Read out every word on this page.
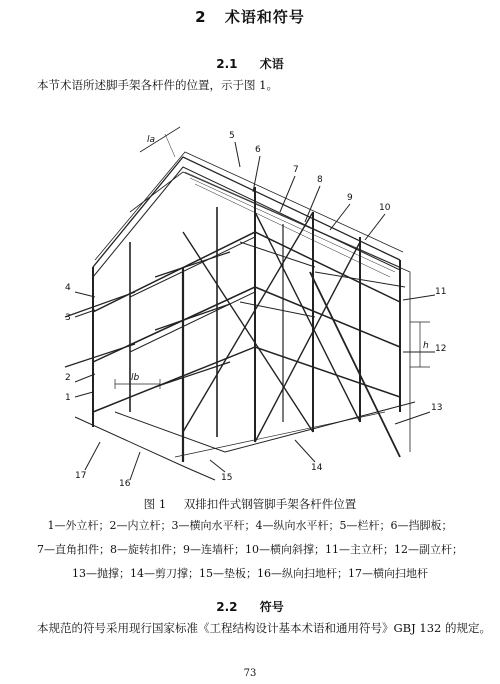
2 术语和符号
2.1 术语
本节术语所述脚手架各杆件的位置，示于图 1。
5
6
7
8
9
10
11
12
13
4
3
2
1
17
16
15
14
la
h
lb
图 1 双排扣件式钢管脚手架各杆件位置
1—外立杆；2—内立杆；3—横向水平杆；4—纵向水平杆；5—栏杆；6—挡脚板；
7—直角扣件；8—旋转扣件；9—连墙杆；10—横向斜撑；11—主立杆；12—副立杆；
13—抛撑；14—剪刀撑；15—垫板；16—纵向扫地杆；17—横向扫地杆
2.2 符号
本规范的符号采用现行国家标准《工程结构设计基本术语和通用符号》GBJ 132 的规定。
73
